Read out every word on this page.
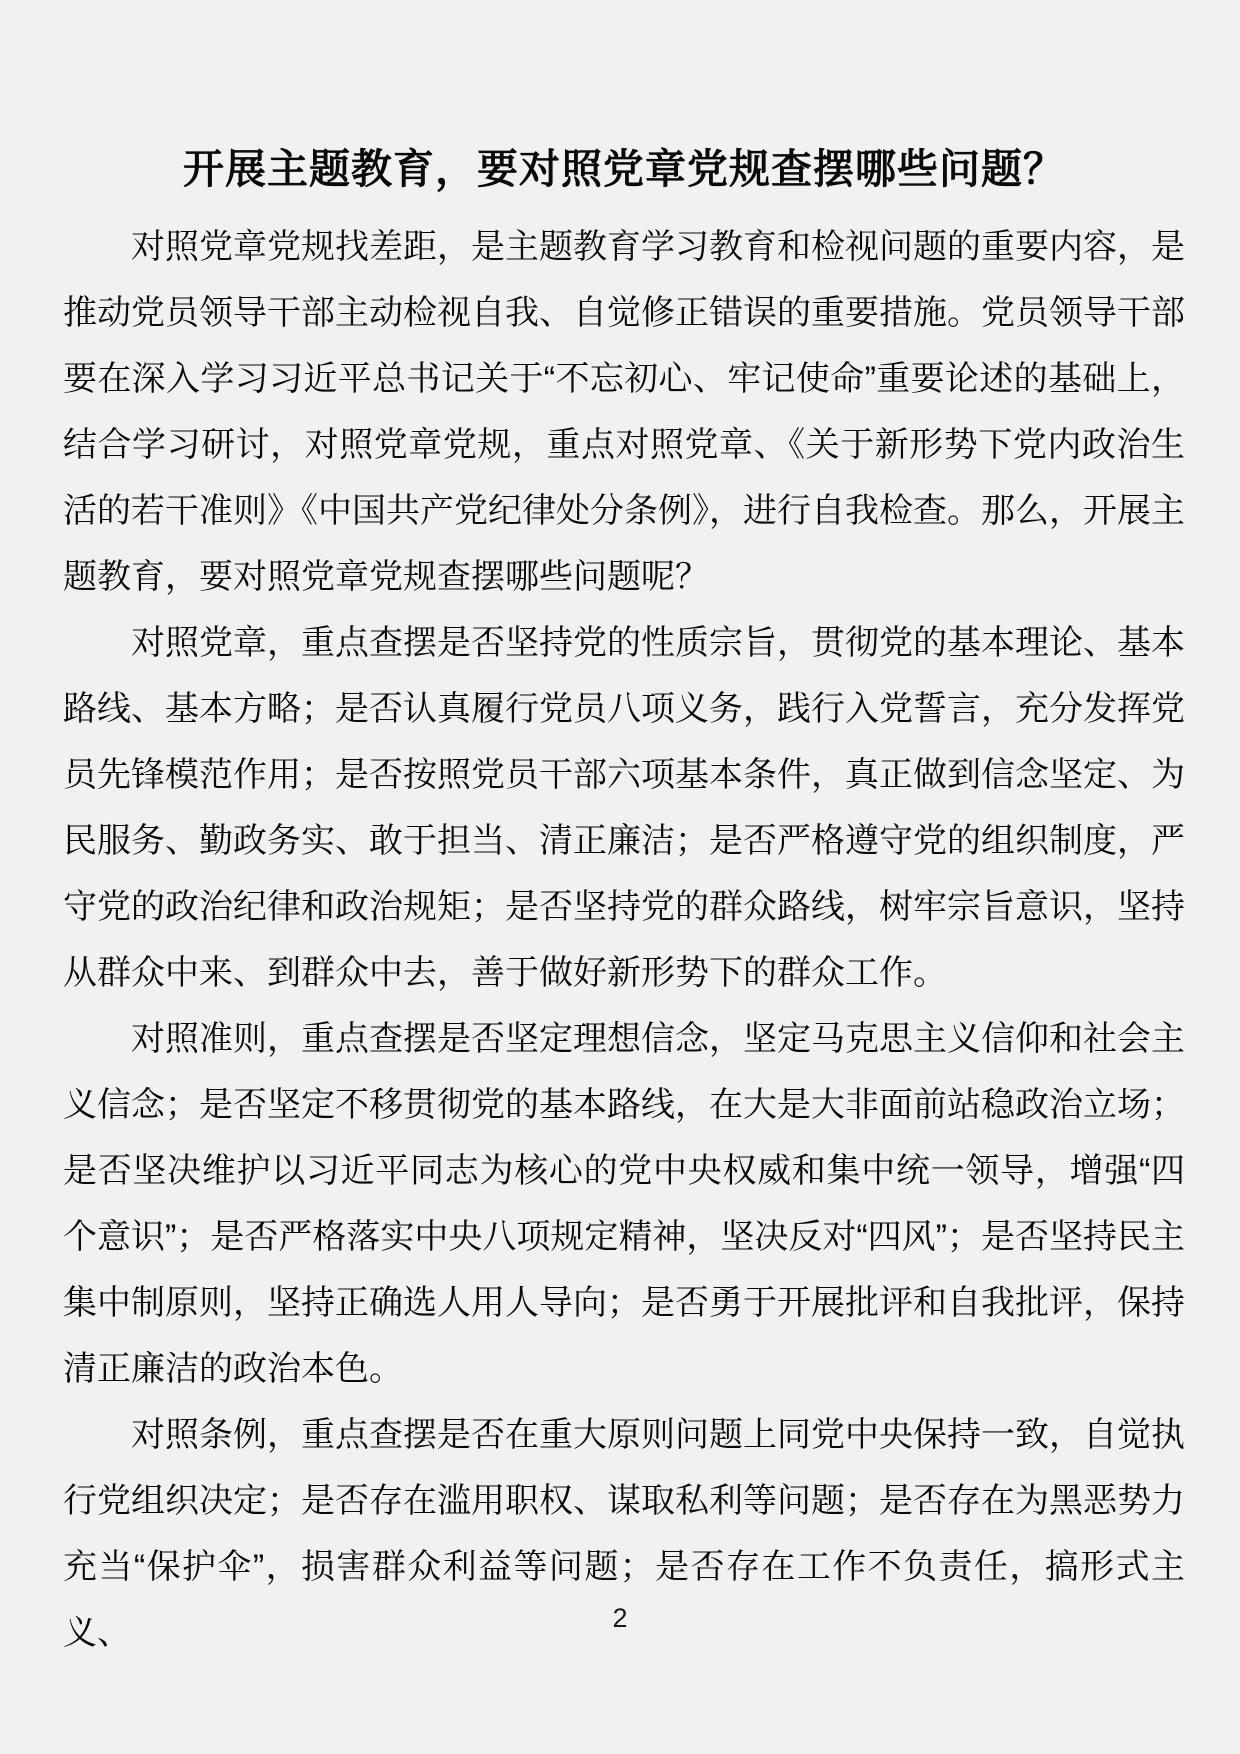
开展主题教育，要对照党章党规查摆哪些问题？

对照党章党规找差距，是主题教育学习教育和检视问题的重要内容，是推动党员领导干部主动检视自我、自觉修正错误的重要措施。党员领导干部要在深入学习习近平总书记关于“不忘初心、牢记使命”重要论述的基础上，结合学习研讨，对照党章党规，重点对照党章、《关于新形势下党内政治生活的若干准则》《中国共产党纪律处分条例》，进行自我检查。那么，开展主题教育，要对照党章党规查摆哪些问题呢？

对照党章，重点查摆是否坚持党的性质宗旨，贯彻党的基本理论、基本路线、基本方略；是否认真履行党员八项义务，践行入党誓言，充分发挥党员先锋模范作用；是否按照党员干部六项基本条件，真正做到信念坚定、为民服务、勤政务实、敢于担当、清正廉洁；是否严格遵守党的组织制度，严守党的政治纪律和政治规矩；是否坚持党的群众路线，树牢宗旨意识，坚持从群众中来、到群众中去，善于做好新形势下的群众工作。

对照准则，重点查摆是否坚定理想信念，坚定马克思主义信仰和社会主义信念；是否坚定不移贯彻党的基本路线，在大是大非面前站稳政治立场；是否坚决维护以习近平同志为核心的党中央权威和集中统一领导，增强“四个意识”；是否严格落实中央八项规定精神，坚决反对“四风”；是否坚持民主集中制原则，坚持正确选人用人导向；是否勇于开展批评和自我批评，保持清正廉洁的政治本色。

对照条例，重点查摆是否在重大原则问题上同党中央保持一致，自觉执行党组织决定；是否存在滥用职权、谋取私利等问题；是否存在为黑恶势力充当“保护伞”，损害群众利益等问题；是否存在工作不负责任，搞形式主义、	2
